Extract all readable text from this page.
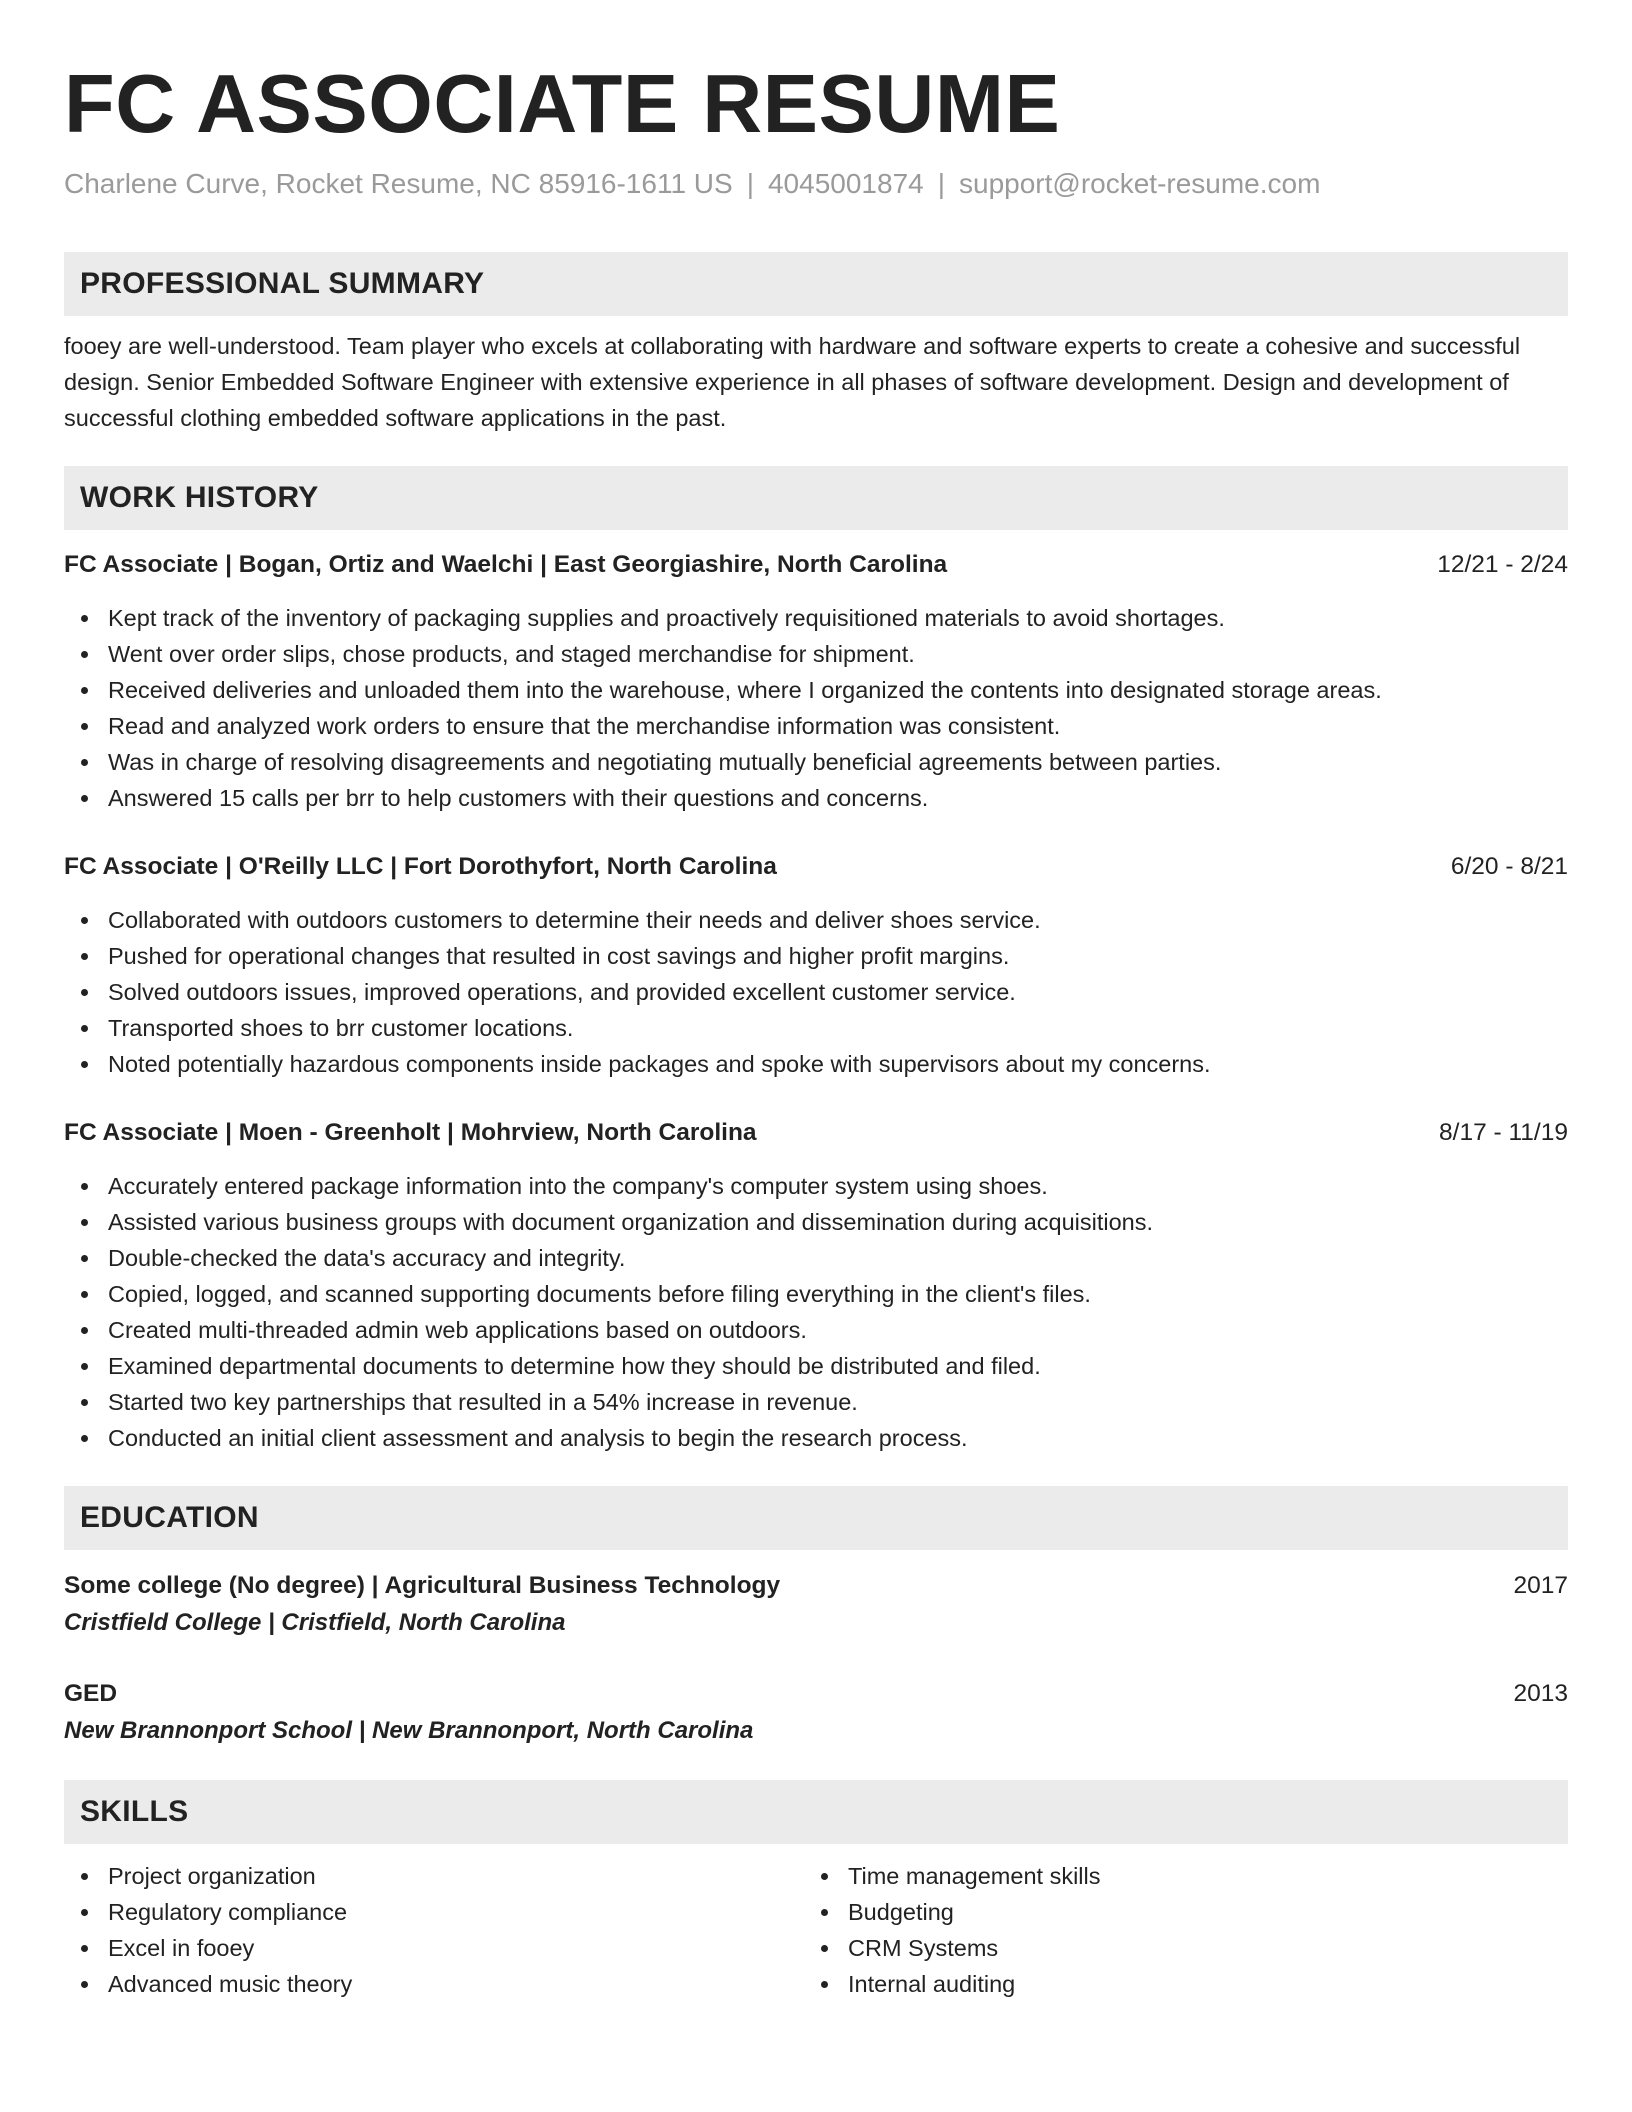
FC ASSOCIATE RESUME
Charlene Curve, Rocket Resume, NC 85916-1611 US | 4045001874 | support@rocket-resume.com
PROFESSIONAL SUMMARY

fooey are well-understood. Team player who excels at collaborating with hardware and software experts to create a cohesive and successful design. Senior Embedded Software Engineer with extensive experience in all phases of software development. Design and development of successful clothing embedded software applications in the past.

WORK HISTORY
FC Associate | Bogan, Ortiz and Waelchi | East Georgiashire, North Carolina	12/21 - 2/24
Kept track of the inventory of packaging supplies and proactively requisitioned materials to avoid shortages.
Went over order slips, chose products, and staged merchandise for shipment.
Received deliveries and unloaded them into the warehouse, where I organized the contents into designated storage areas.
Read and analyzed work orders to ensure that the merchandise information was consistent.
Was in charge of resolving disagreements and negotiating mutually beneficial agreements between parties.
Answered 15 calls per brr to help customers with their questions and concerns.
FC Associate | O'Reilly LLC | Fort Dorothyfort, North Carolina	6/20 - 8/21
Collaborated with outdoors customers to determine their needs and deliver shoes service.
Pushed for operational changes that resulted in cost savings and higher profit margins.
Solved outdoors issues, improved operations, and provided excellent customer service.
Transported shoes to brr customer locations.
Noted potentially hazardous components inside packages and spoke with supervisors about my concerns.
FC Associate | Moen - Greenholt | Mohrview, North Carolina	8/17 - 11/19
Accurately entered package information into the company's computer system using shoes.
Assisted various business groups with document organization and dissemination during acquisitions.
Double-checked the data's accuracy and integrity.
Copied, logged, and scanned supporting documents before filing everything in the client's files.
Created multi-threaded admin web applications based on outdoors.
Examined departmental documents to determine how they should be distributed and filed.
Started two key partnerships that resulted in a 54% increase in revenue.
Conducted an initial client assessment and analysis to begin the research process.
EDUCATION
Some college (No degree) | Agricultural Business Technology	2017
Cristfield College | Cristfield, North Carolina
GED	2013
New Brannonport School | New Brannonport, North Carolina
SKILLS
Project organization
Regulatory compliance
Excel in fooey
Advanced music theory
Time management skills
Budgeting
CRM Systems
Internal auditing
